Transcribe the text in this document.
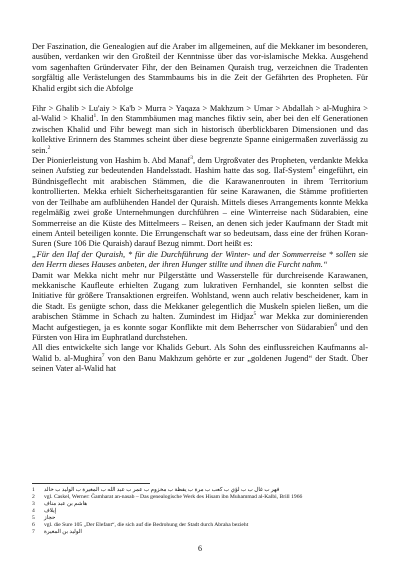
Der Faszination, die Genealogien auf die Araber im allgemeinen, auf die Mekkaner im besonderen, ausüben, verdanken wir den Großteil der Kenntnisse über das vor-islamische Mekka. Ausgehend vom sagenhaften Gründervater Fihr, der den Beinamen Quraish trug, verzeichnen die Tradenten sorgfältig alle Verästelungen des Stammbaums bis in die Zeit der Gefährten des Propheten. Für Khalid ergibt sich die Abfolge

Fihr > Ghalib > Lu'aiy > Ka'b > Murra > Yaqaza > Makhzum > Umar > Abdallah > al-Mughira > al-Walid > Khalid$^1$. In den Stammbäumen mag manches fiktiv sein, aber bei den elf Generationen zwischen Khalid und Fihr bewegt man sich in historisch überblickbaren Dimensionen und das kollektive Erinnern des Stammes scheint über diese begrenzte Spanne einigermaßen zuverlässig zu sein.$^2$

Der Pionierleistung von Hashim b. Abd Manaf$^3$, dem Urgroßvater des Propheten, verdankte Mekka seinen Aufstieg zur bedeutenden Handelsstadt. Hashim hatte das sog. Ilaf-System$^4$ eingeführt, ein Bündnisgeflecht mit arabischen Stämmen, die die Karawanenrouten in ihrem Territorium kontrollierten. Mekka erhielt Sicherheitsgarantien für seine Karawanen, die Stämme profitierten von der Teilhabe am aufblühenden Handel der Quraish. Mittels dieses Arrangements konnte Mekka regelmäßig zwei große Unternehmungen durchführen – eine Winterreise nach Südarabien, eine Sommerreise an die Küste des Mittelmeers – Reisen, an denen sich jeder Kaufmann der Stadt mit einem Anteil beteiligen konnte. Die Errungenschaft war so bedeutsam, dass eine der frühen Koran-Suren (Sure 106 Die Quraish) darauf Bezug nimmt. Dort heißt es:

„Für den Ilaf der Quraish, * für die Durchführung der Winter- und der Sommerreise * sollen sie den Herrn dieses Hauses anbeten, der ihren Hunger stillte und ihnen die Furcht nahm.“

Damit war Mekka nicht mehr nur Pilgerstätte und Wasserstelle für durchreisende Karawanen, mekkanische Kaufleute erhielten Zugang zum lukrativen Fernhandel, sie konnten selbst die Initiative für größere Transaktionen ergreifen. Wohlstand, wenn auch relativ bescheidener, kam in die Stadt. Es genügte schon, dass die Mekkaner gelegentlich die Muskeln spielen ließen, um die arabischen Stämme in Schach zu halten. Zumindest im Hidjaz$^5$ war Mekka zur dominierenden Macht aufgestiegen, ja es konnte sogar Konflikte mit dem Beherrscher von Südarabien$^6$ und den Fürsten von Hira im Euphratland durchstehen.

All dies entwickelte sich lange vor Khalids Geburt. Als Sohn des einflussreichen Kaufmanns al-Walid b. al-Mughira$^7$ von den Banu Makhzum gehörte er zur „goldenen Jugend“ der Stadt. Über seinen Vater al-Walid hat

1	فهر ب غال ب ب لؤي ب كعب ب مرة ب يقظة ب مخزوم ب عمر ب عبد الله ب المغيرة ب الوليد ب خالد
2	vgl. Caskel, Werner: Ğamharat an-nasab – Das genealogische Werk des Hisam ibn Muhammad al-Kalbi, Brill 1966
3	هاشم بن عبد مناف
4	إيلاف
5	حجاز
6	vgl. die Sure 105 „Der Elefant“, die sich auf die Bedrohung der Stadt durch Abraha bezieht
7	الوليد بن المغيرة
6
